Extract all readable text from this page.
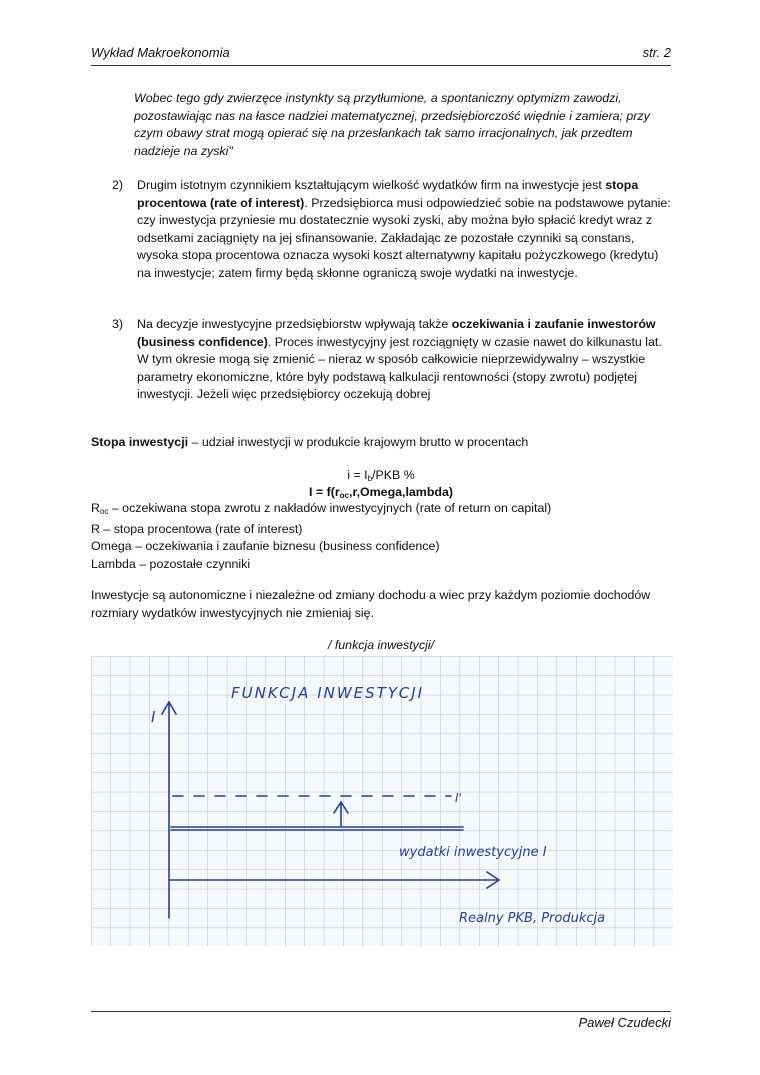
Wykład Makroekonomia	str. 2

Wobec tego gdy zwierzęce instynkty są przytłumione, a spontaniczny optymizm zawodzi, pozostawiając nas na łasce nadziei matematycznej, przedsiębiorczość więdnie i zamiera; przy czym obawy strat mogą opierać się na przesłankach tak samo irracjonalnych, jak przedtem nadzieje na zyski"

2) Drugim istotnym czynnikiem kształtującym wielkość wydatków firm na inwestycje jest stopa procentowa (rate of interest). Przedsiębiorca musi odpowiedzieć sobie na podstawowe pytanie: czy inwestycja przyniesie mu dostatecznie wysoki zyski, aby można było spłacić kredyt wraz z odsetkami zaciągnięty na jej sfinansowanie. Zakładając ze pozostałe czynniki są constans, wysoka stopa procentowa oznacza wysoki koszt alternatywny kapitału pożyczkowego (kredytu) na inwestycje; zatem firmy będą skłonne ograniczą swoje wydatki na inwestycje.
3) Na decyzje inwestycyjne przedsiębiorstw wpływają także oczekiwania i zaufanie inwestorów (business confidence). Proces inwestycyjny jest rozciągnięty w czasie nawet do kilkunastu lat. W tym okresie mogą się zmienić – nieraz w sposób całkowicie nieprzewidywalny – wszystkie parametry ekonomiczne, które były podstawą kalkulacji rentowności (stopy zwrotu) podjętej inwestycji. Jeżeli więc przedsiębiorcy oczekują dobrej

Stopa inwestycji – udział inwestycji w produkcie krajowym brutto w procentach

$i = I_b$/PKB %
$I = f(r_{oc},r,Omega,lambda)$
$R_{oc}$ – oczekiwana stopa zwrotu z nakładów inwestycyjnych (rate of return on capital)
R – stopa procentowa (rate of interest)
Omega – oczekiwania i zaufanie biznesu (business confidence)
Lambda – pozostałe czynniki

Inwestycje są autonomiczne i niezależne od zmiany dochodu a wiec przy każdym poziomie dochodów rozmiary wydatków inwestycyjnych nie zmieniaj się.

/ funkcja inwestycji/
FUNKCJA INWESTYCJI
I
I'
wydatki inwestycyjne I
Realny PKB, Produkcja
Paweł Czudecki
